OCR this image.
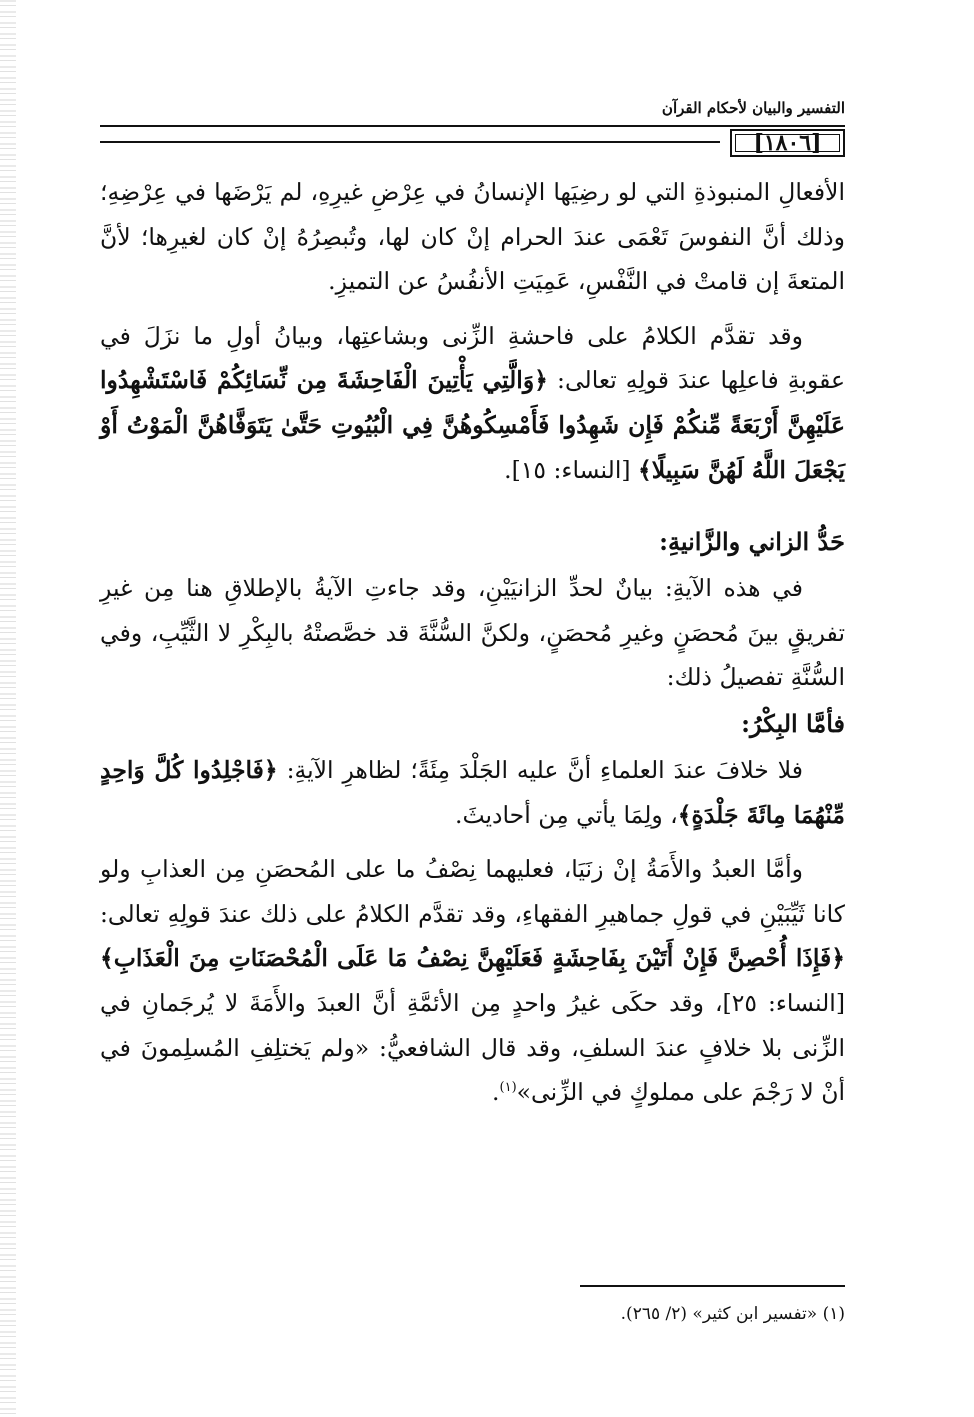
التفسير والبيان لأحكام القرآن
[١٨٠٦]

الأفعالِ المنبوذةِ التي لو رضِيَها الإنسانُ في عِرْضِ غيرِهِ، لم يَرْضَها في عِرْضِهِ؛ وذلك أنَّ النفوسَ تَعْمَى عندَ الحرام إنْ كان لها، وتُبصِرُهُ إنْ كان لغيرِها؛ لأنَّ المتعةَ إن قامتْ في النَّفْسِ، عَمِيَتِ الأنفُسُ عن التميزِ.

وقد تقدَّم الكلامُ على فاحشةِ الزِّنى وبشاعتِها، وبيانُ أولِ ما نزَلَ في عقوبةِ فاعلِها عندَ قولِهِ تعالى: ﴿وَالَّتِي يَأْتِينَ الْفَاحِشَةَ مِن نِّسَائِكُمْ فَاسْتَشْهِدُوا عَلَيْهِنَّ أَرْبَعَةً مِّنكُمْ فَإِن شَهِدُوا فَأَمْسِكُوهُنَّ فِي الْبُيُوتِ حَتَّىٰ يَتَوَفَّاهُنَّ الْمَوْتُ أَوْ يَجْعَلَ اللَّهُ لَهُنَّ سَبِيلًا﴾ [النساء: ١٥].

حَدُّ الزاني والزَّانيةِ:

في هذه الآيةِ: بيانٌ لحدِّ الزانيَيْنِ، وقد جاءتِ الآيةُ بالإطلاقِ هنا مِن غيرِ تفريقٍ بينَ مُحصَنٍ وغيرِ مُحصَنٍ، ولكنَّ السُّنَّةَ قد خصَّصتْهُ بالبِكْرِ لا الثَّيِّبِ، وفي السُّنَّةِ تفصيلُ ذلك:

فأمَّا البِكْرُ:

فلا خلافَ عندَ العلماءِ أنَّ عليه الجَلْدَ مِئَةً؛ لظاهرِ الآيةِ: ﴿فَاجْلِدُوا كُلَّ وَاحِدٍ مِّنْهُمَا مِائَةَ جَلْدَةٍ﴾، ولِمَا يأتي مِن أحاديثَ.

وأمَّا العبدُ والأَمَةُ إنْ زنَيَا، فعليهما نِصْفُ ما على المُحصَنِ مِن العذابِ ولو كانا ثَيِّبَيْنِ في قولِ جماهيرِ الفقهاءِ، وقد تقدَّم الكلامُ على ذلك عندَ قولِهِ تعالى: ﴿فَإِذَا أُحْصِنَّ فَإِنْ أَتَيْنَ بِفَاحِشَةٍ فَعَلَيْهِنَّ نِصْفُ مَا عَلَى الْمُحْصَنَاتِ مِنَ الْعَذَابِ﴾ [النساء: ٢٥]، وقد حكَى غيرُ واحدٍ مِن الأئمَّةِ أنَّ العبدَ والأَمَةَ لا يُرجَمانِ في الزِّنى بلا خلافٍ عندَ السلفِ، وقد قال الشافعيُّ: «ولم يَختلِفِ المُسلِمونَ في أنْ لا رَجْمَ على مملوكٍ في الزِّنى»$^{(١)}$.

(١) «تفسير ابن كثير» (٢/ ٢٦٥).
